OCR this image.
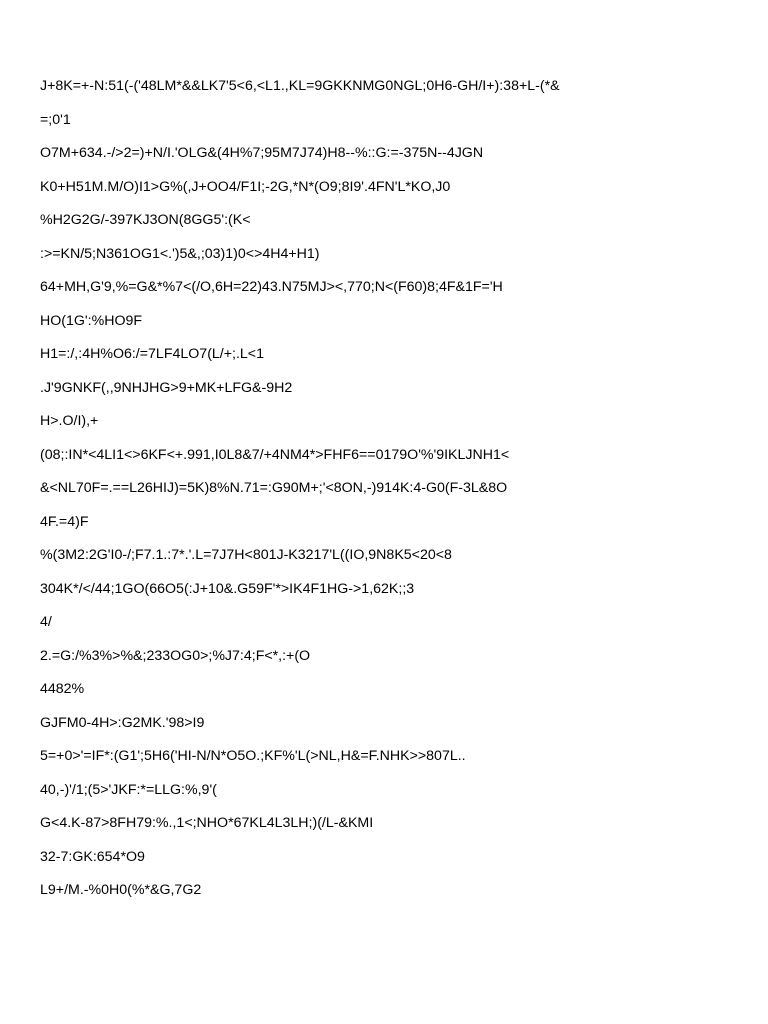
J+8K=+-N:51(-('48LM*&&LK7'5<6,<L1.,KL=9GKKNMG0NGL;0H6-GH/I+):38+L-(*&
=;0'1
O7M+634.-/>2=)+N/I.'OLG&(4H%7;95M7J74)H8--%::G:=-375N--4JGN
K0+H51M.M/O)I1>G%(,J+OO4/F1I;-2G,*N*(O9;8I9'.4FN'L*KO,J0
%H2G2G/-397KJ3ON(8GG5':(K<
:>=KN/5;N361OG1<.')5&,;03)1)0<>4H4+H1)
64+MH,G'9,%=G&*%7<(/O,6H=22)43.N75MJ><,770;N<(F60)8;4F&1F='H
HO(1G':%HO9F
H1=:/,:4H%O6:/=7LF4LO7(L/+;.L<1
.J'9GNKF(,,9NHJHG>9+MK+LFG&-9H2
H>.O/I),+
(08;:IN*<4LI1<>6KF<+.991,I0L8&7/+4NM4*>FHF6==0179O'%'9IKLJNH1<
&<NL70F=.==L26HIJ)=5K)8%N.71=:G90M+;'<8ON,-)914K:4-G0(F-3L&8O
4F.=4)F
%(3M2:2G'I0-/;F7.1.:7*.'.L=7J7H<801J-K3217'L((IO,9N8K5<20<8
304K*/</44;1GO(66O5(:J+10&.G59F'*>IK4F1HG->1,62K;;3
4/
2.=G:/%3%>%&;233OG0>;%J7:4;F<*,:+(O
4482%
GJFM0-4H>:G2MK.'98>I9
5=+0>'=IF*:(G1';5H6('HI-N/N*O5O.;KF%'L(>NL,H&=F.NHK>>807L..
40,-)'/1;(5>'JKF:*=LLG:%,9'(
G<4.K-87>8FH79:%.,1<;NHO*67KL4L3LH;)(/L-&KMI
32-7:GK:654*O9
L9+/M.-%0H0(%*&G,7G2
